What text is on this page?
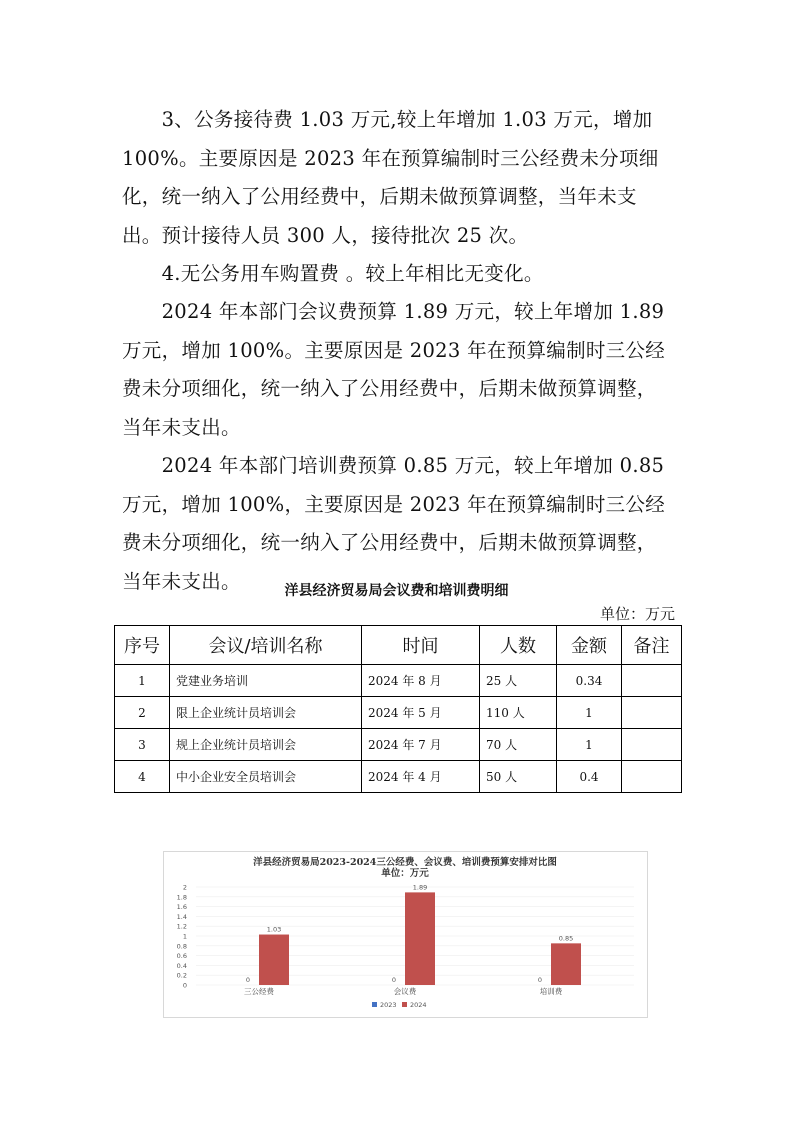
　　3、公务接待费 1.03 万元,较上年增加 1.03 万元，增加
100%。主要原因是 2023 年在预算编制时三公经费未分项细
化，统一纳入了公用经费中，后期未做预算调整，当年未支
出。预计接待人员 300 人，接待批次 25 次。
　　4.无公务用车购置费 。较上年相比无变化。
　　2024 年本部门会议费预算 1.89 万元，较上年增加 1.89
万元，增加 100%。主要原因是 2023 年在预算编制时三公经
费未分项细化，统一纳入了公用经费中，后期未做预算调整，
当年未支出。
　　2024 年本部门培训费预算 0.85 万元，较上年增加 0.85
万元，增加 100%，主要原因是 2023 年在预算编制时三公经
费未分项细化，统一纳入了公用经费中，后期未做预算调整，
当年未支出。	洋县经济贸易局会议费和培训费明细
单位：万元
序号	会议/培训名称	时间	人数	金额	备注
1	党建业务培训	2024 年 8 月	25 人	0.34	
2	限上企业统计员培训会	2024 年 5 月	110 人	1	
3	规上企业统计员培训会	2024 年 7 月	70 人	1	
4	中小企业安全员培训会	2024 年 4 月	50 人	0.4	
洋县经济贸易局2023-2024三公经费、会议费、培训费预算安排对比图
单位：万元
0
0.2
0.4
0.6
0.8
1
1.2
1.4
1.6
1.8
2
0
1.03
三公经费
0
1.89
会议费
0
0.85
培训费
2023 2024
